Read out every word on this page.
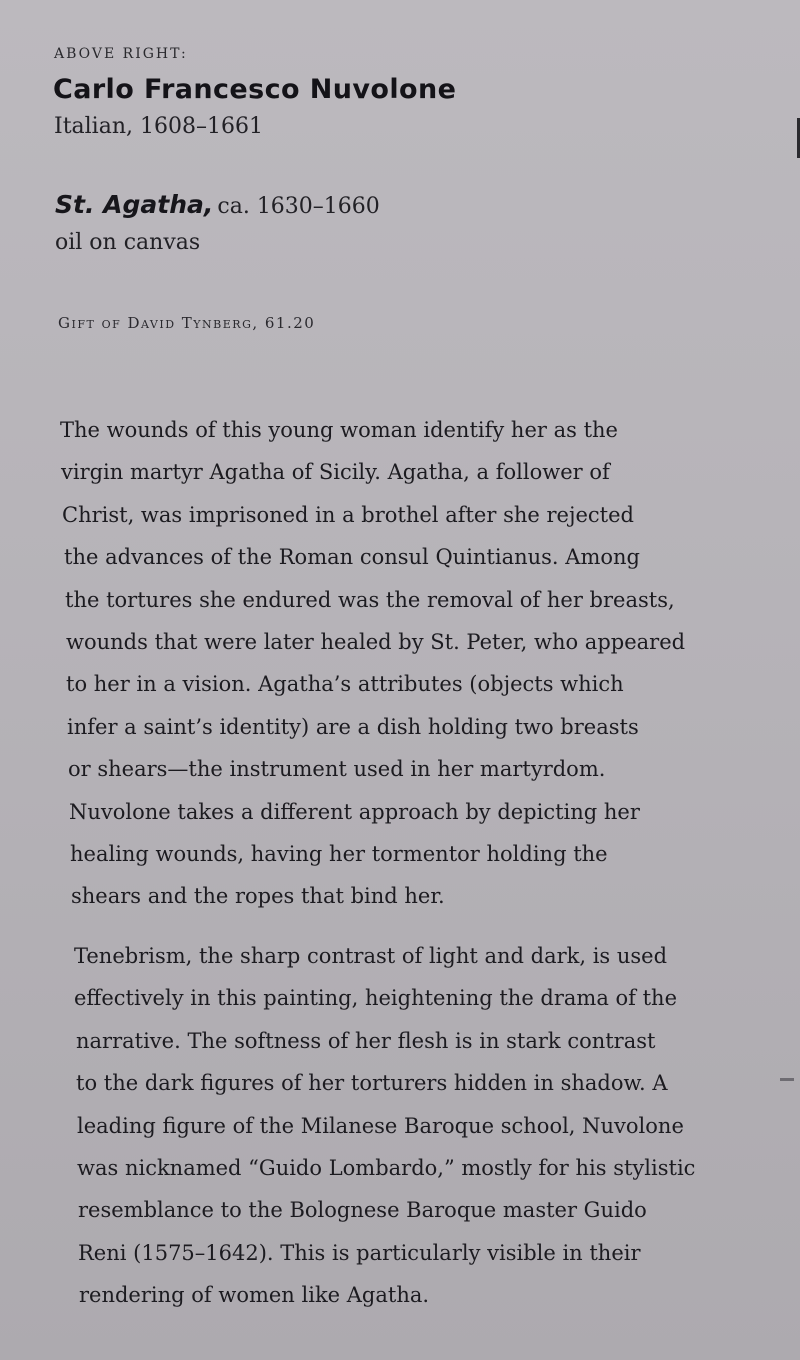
ABOVE RIGHT:
Carlo Francesco Nuvolone
Italian, 1608–1661
St. Agatha, ca. 1630–1660
oil on canvas
Gift of David Tynberg, 61.20

The wounds of this young woman identify her as the
virgin martyr Agatha of Sicily. Agatha, a follower of
Christ, was imprisoned in a brothel after she rejected
the advances of the Roman consul Quintianus. Among
the tortures she endured was the removal of her breasts,
wounds that were later healed by St. Peter, who appeared
to her in a vision. Agatha’s attributes (objects which
infer a saint’s identity) are a dish holding two breasts
or shears—the instrument used in her martyrdom.
Nuvolone takes a different approach by depicting her
healing wounds, having her tormentor holding the
shears and the ropes that bind her.

Tenebrism, the sharp contrast of light and dark, is used
effectively in this painting, heightening the drama of the
narrative. The softness of her flesh is in stark contrast
to the dark figures of her torturers hidden in shadow. A
leading figure of the Milanese Baroque school, Nuvolone
was nicknamed “Guido Lombardo,” mostly for his stylistic
resemblance to the Bolognese Baroque master Guido
Reni (1575–1642). This is particularly visible in their
rendering of women like Agatha.
